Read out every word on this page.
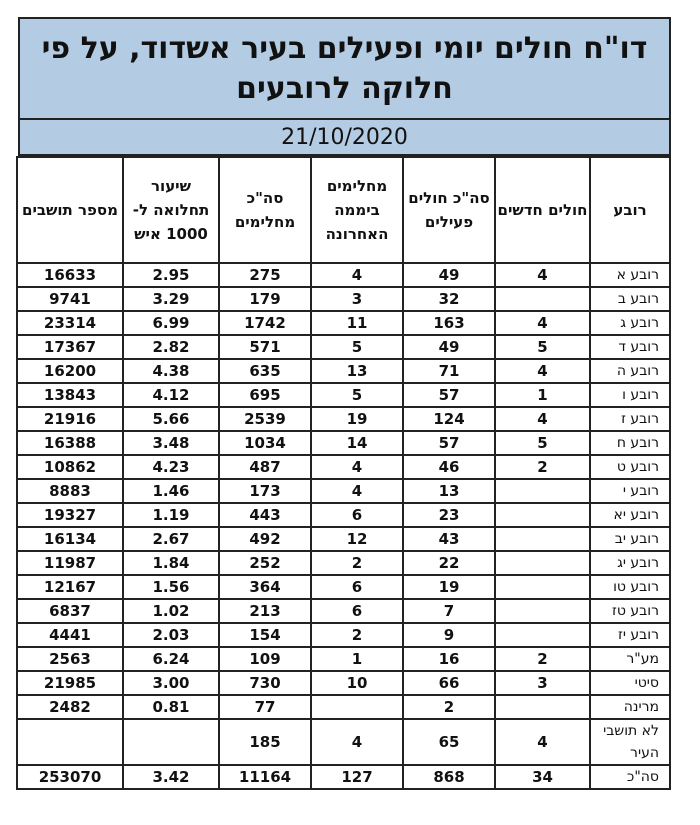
דו"ח חולים יומי ופעילים בעיר אשדוד, על פי חלוקה לרובעים
21/10/2020
רובע	חולים חדשים	סה"כ חולים פעילים	מחלימים ביממה האחרונה	סה"כ מחלימים	שיעור תחלואה ל- 1000 איש	מספר תושבים
רובע א	4	49	4	275	2.95	16633
רובע ב		32	3	179	3.29	9741
רובע ג	4	163	11	1742	6.99	23314
רובע ד	5	49	5	571	2.82	17367
רובע ה	4	71	13	635	4.38	16200
רובע ו	1	57	5	695	4.12	13843
רובע ז	4	124	19	2539	5.66	21916
רובע ח	5	57	14	1034	3.48	16388
רובע ט	2	46	4	487	4.23	10862
רובע י		13	4	173	1.46	8883
רובע יא		23	6	443	1.19	19327
רובע יב		43	12	492	2.67	16134
רובע יג		22	2	252	1.84	11987
רובע טו		19	6	364	1.56	12167
רובע טז		7	6	213	1.02	6837
רובע יז		9	2	154	2.03	4441
מע"ר	2	16	1	109	6.24	2563
סיטי	3	66	10	730	3.00	21985
מרינה		2		77	0.81	2482
לא תושבי העיר	4	65	4	185		
סה"כ	34	868	127	11164	3.42	253070
